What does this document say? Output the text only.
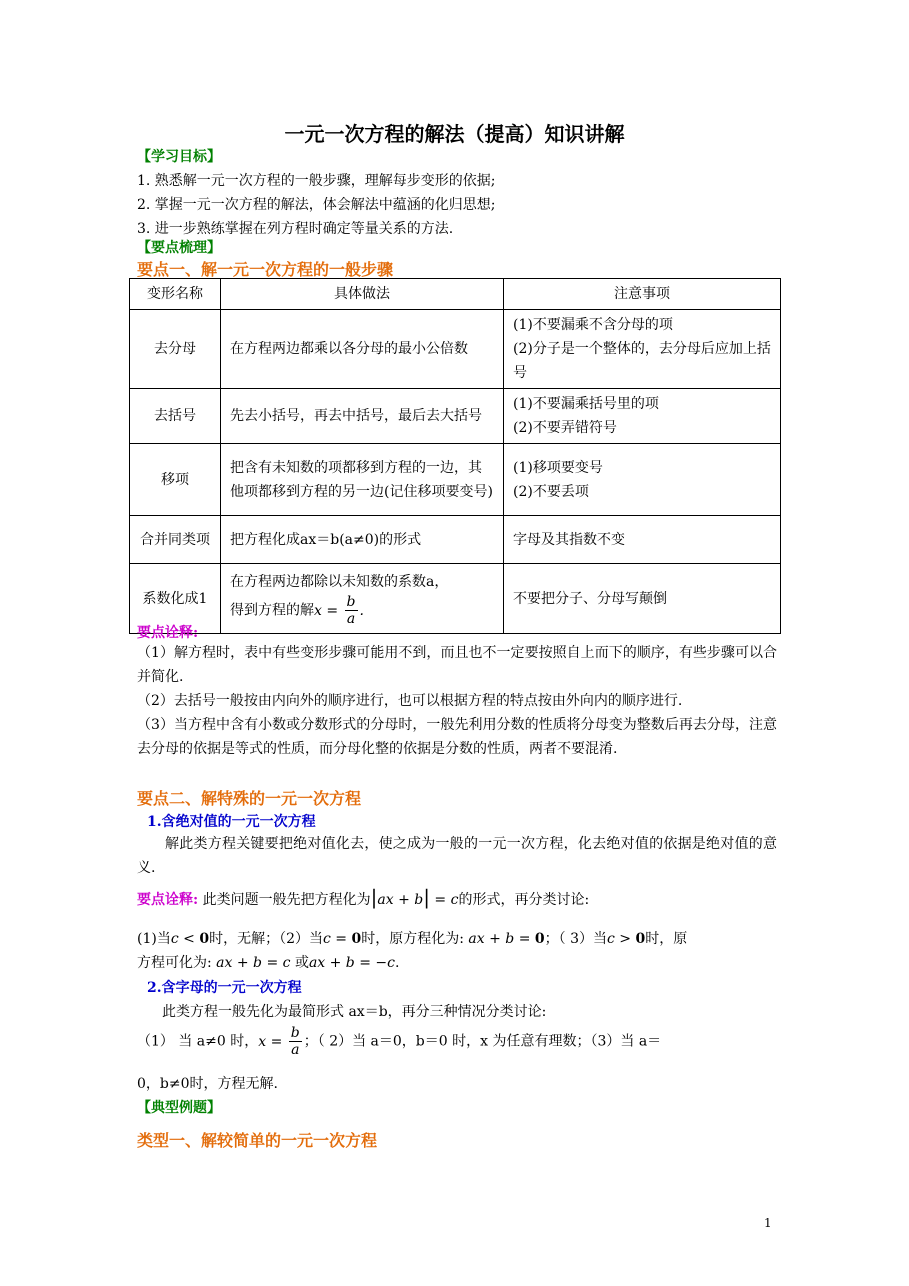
一元一次方程的解法（提高）知识讲解
【学习目标】
1. 熟悉解一元一次方程的一般步骤，理解每步变形的依据;
2. 掌握一元一次方程的解法，体会解法中蕴涵的化归思想;
3. 进一步熟练掌握在列方程时确定等量关系的方法.
【要点梳理】
要点一、解一元一次方程的一般步骤
变形名称	具体做法	注意事项
去分母	在方程两边都乘以各分母的最小公倍数	(1)不要漏乘不含分母的项
(2)分子是一个整体的，去分母后应加上括号

去括号	先去小括号，再去中括号，最后去大括号	(1)不要漏乘括号里的项
(2)不要弄错符号

移项	把含有未知数的项都移到方程的一边，其他项都移到方程的另一边(记住移项要变号)	(1)移项要变号
(2)不要丢项

合并同类项	把方程化成ax＝b(a≠0)的形式	字母及其指数不变

系数化成1	在方程两边都除以未知数的系数a，
得到方程的解$x = \frac{b}{a}$ .	不要把分子、分母写颠倒
要点诠释:
（1）解方程时，表中有些变形步骤可能用不到，而且也不一定要按照自上而下的顺序，有些步骤可以合并简化.
（2）去括号一般按由内向外的顺序进行，也可以根据方程的特点按由外向内的顺序进行.
（3）当方程中含有小数或分数形式的分母时，一般先利用分数的性质将分母变为整数后再去分母，注意去分母的依据是等式的性质，而分母化整的依据是分数的性质，两者不要混淆.
要点二、解特殊的一元一次方程
1.含绝对值的一元一次方程
解此类方程关键要把绝对值化去，使之成为一般的一元一次方程，化去绝对值的依据是绝对值的意义.
要点诠释: 此类问题一般先把方程化为|ax + b| = c的形式，再分类讨论:
(1)当c < 0时，无解；（2）当c = 0时，原方程化为: ax + b = 0；（ 3）当c > 0时，原
方程可化为: ax + b = c 或ax + b = −c.
2.含字母的一元一次方程
此类方程一般先化为最简形式 ax＝b，再分三种情况分类讨论:
（1） 当 a≠0 时，$x = \frac{b}{a}$ ；（ 2）当 a＝0，b＝0 时，x 为任意有理数；（3）当 a＝
0，b≠0时，方程无解.
【典型例题】
类型一、解较简单的一元一次方程
1
